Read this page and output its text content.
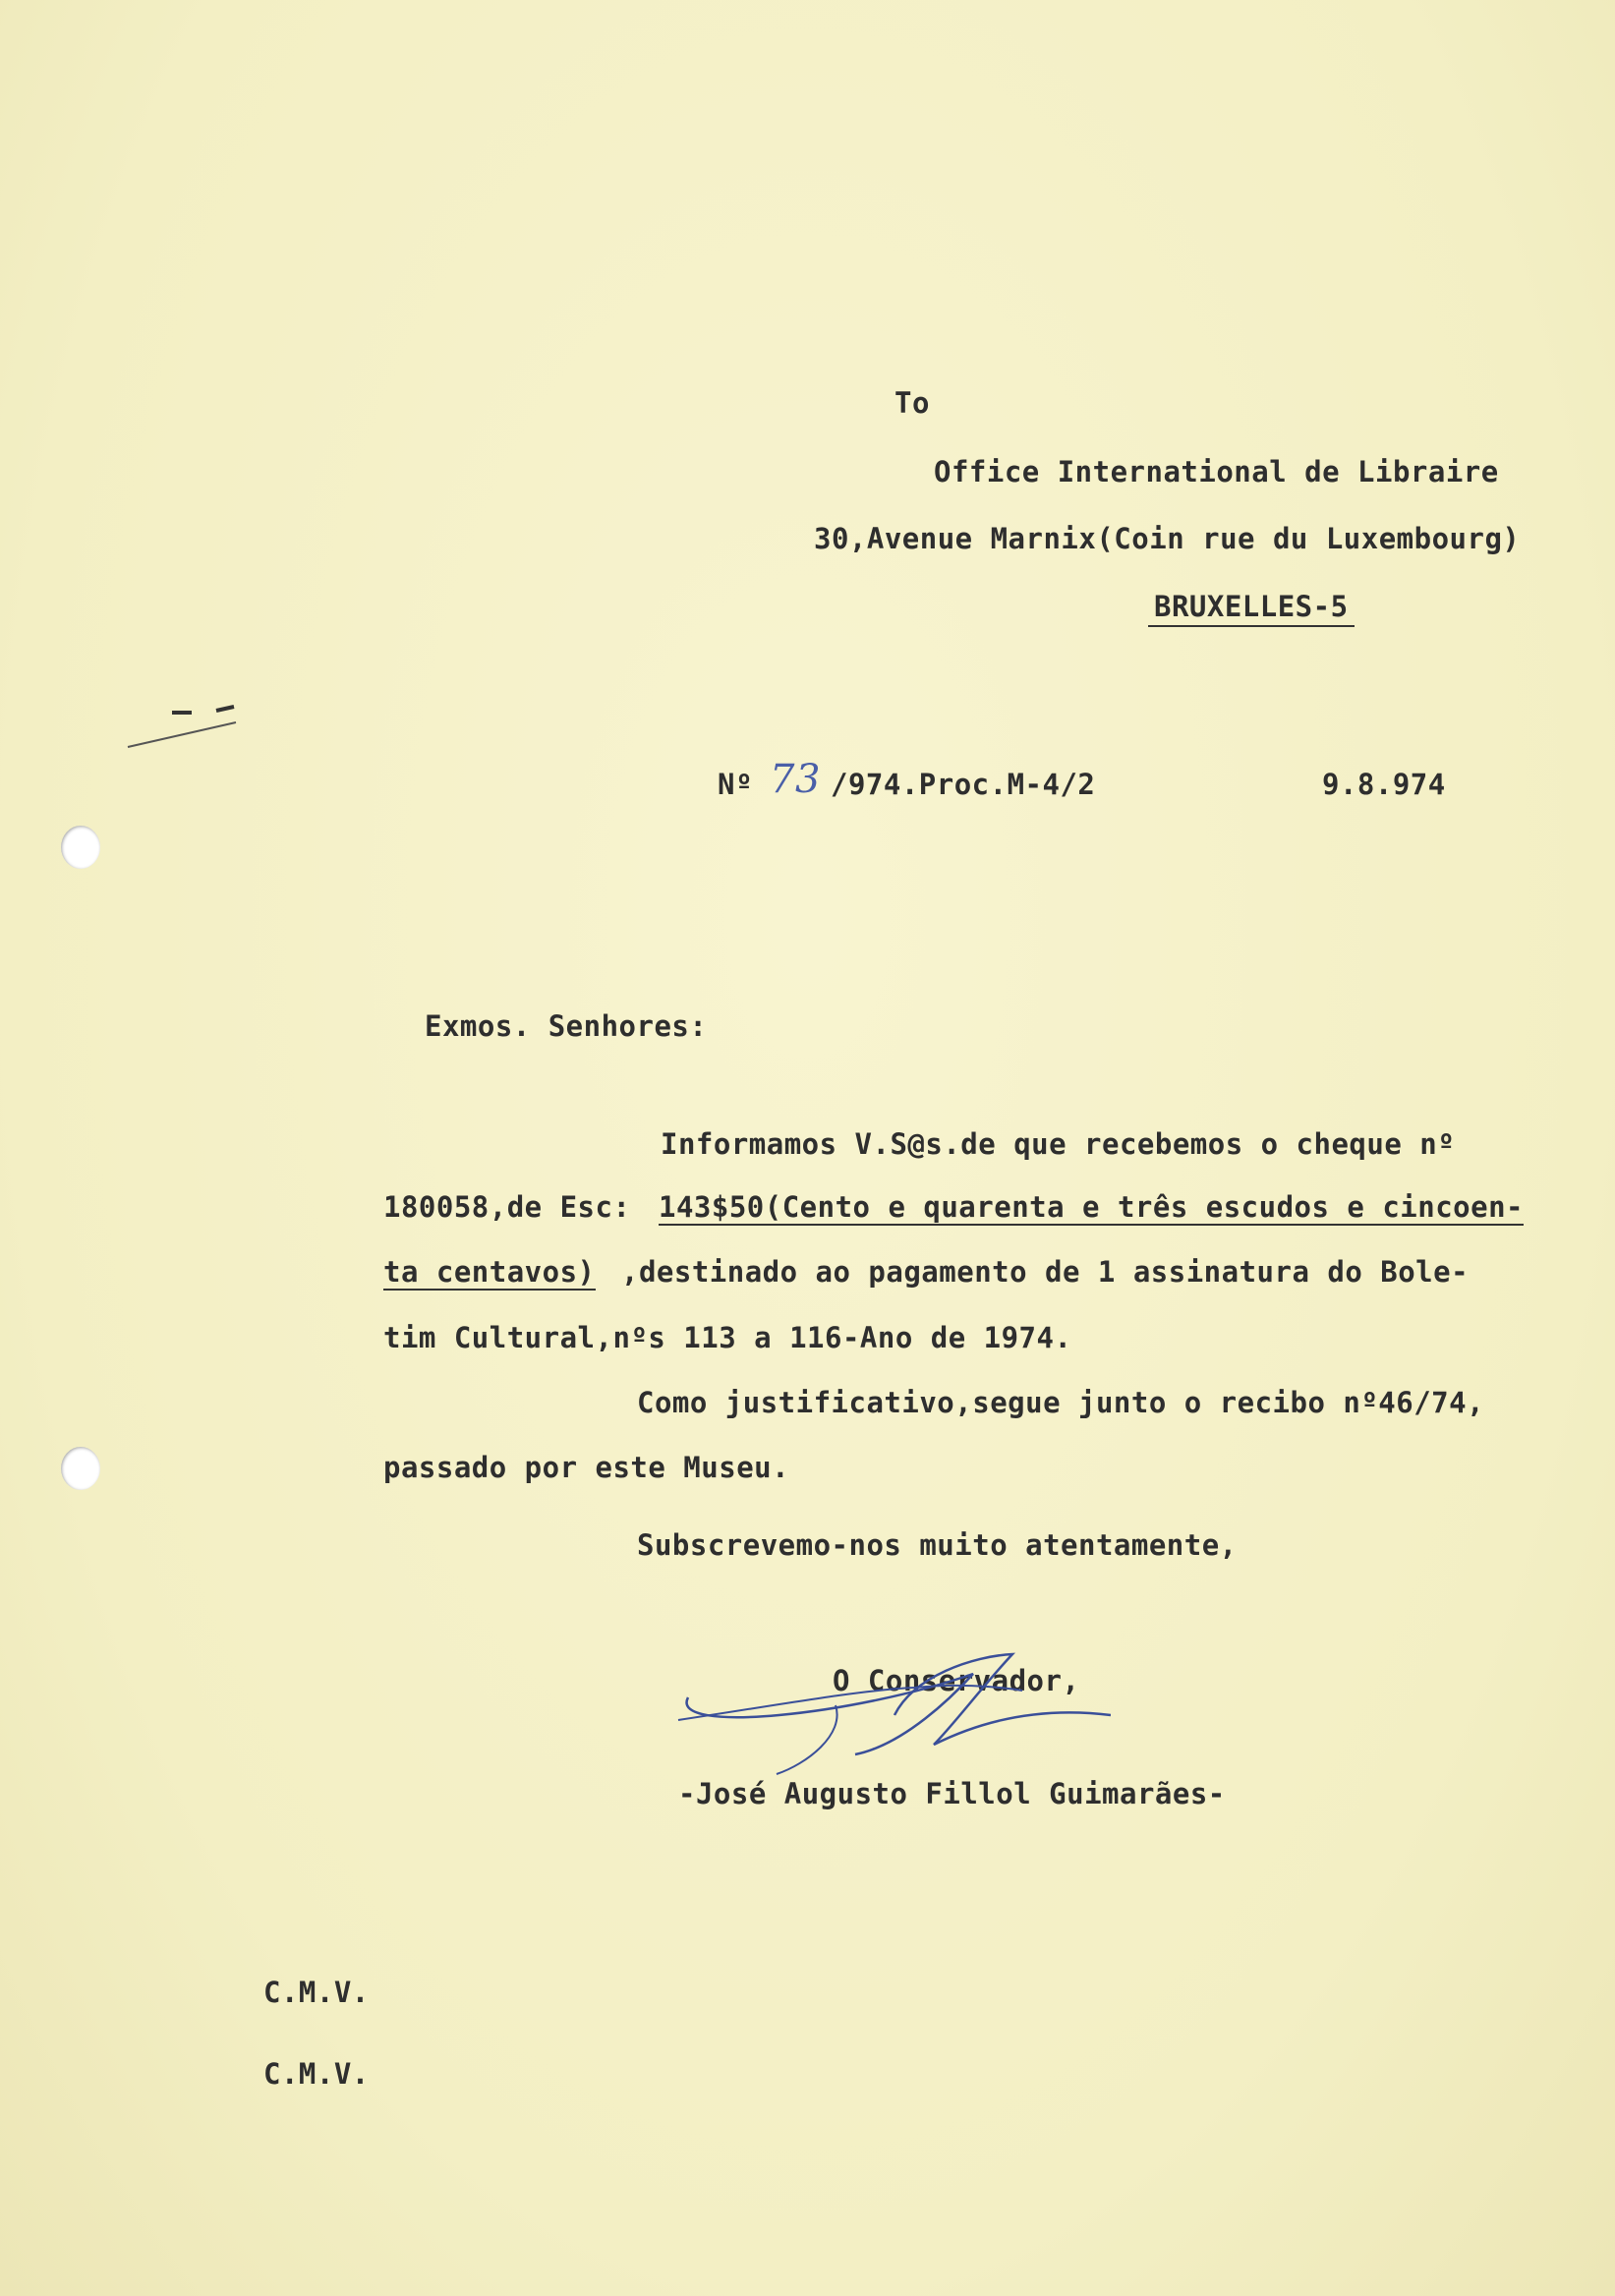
To
Office International de Libraire
30,Avenue Marnix(Coin rue du Luxembourg)
BRUXELLES-5
Nº 73 /974.Proc.M-4/2	9.8.974
Exmos. Senhores:
Informamos V.S@s.de que recebemos o cheque nº
180058,de Esc: 143$50(Cento e quarenta e três escudos e cincoen-
ta centavos) ,destinado ao pagamento de 1 assinatura do Bole-
tim Cultural,nºs 113 a 116-Ano de 1974.
Como justificativo,segue junto o recibo nº46/74,
passado por este Museu.
Subscrevemo-nos muito atentamente,
O Conservador,
-José Augusto Fillol Guimarães-
C.M.V.
C.M.V.
